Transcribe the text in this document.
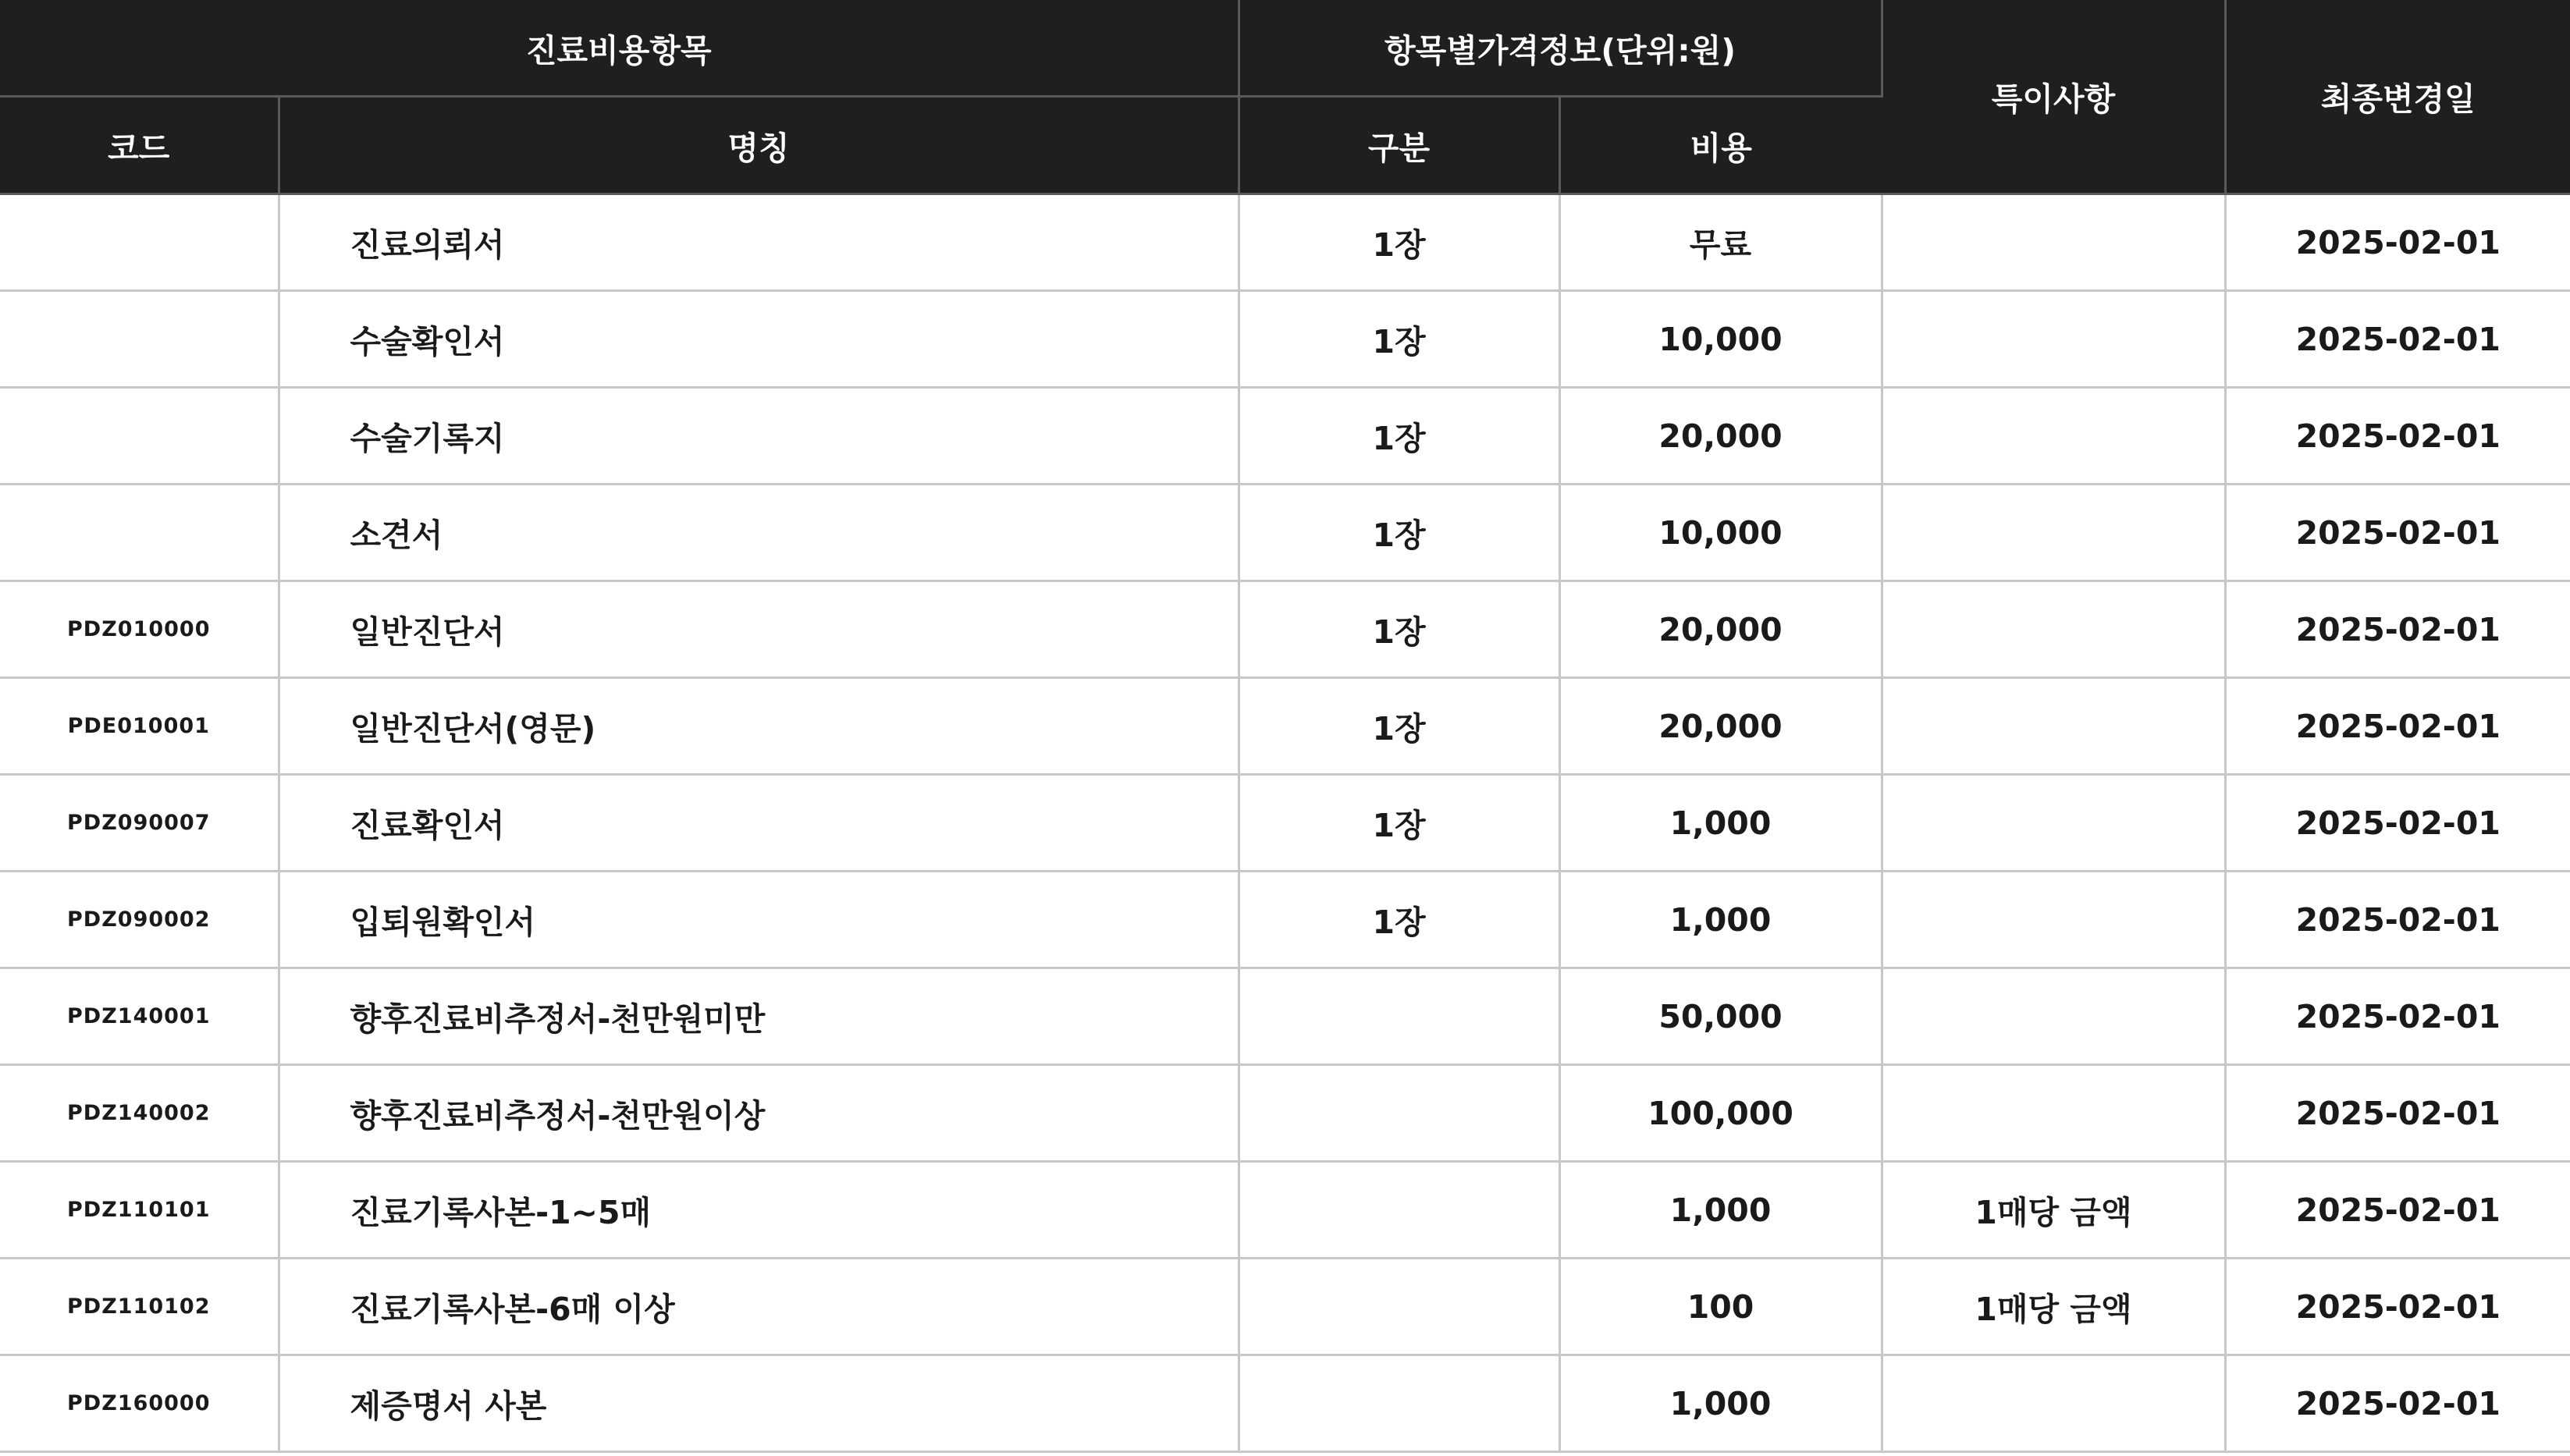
진료비용항목		항목별가격정보(단위:원)		특이사항	최종변경일
코드	명칭	구분	비용		
	진료의뢰서	1장	무료		2025-02-01
	수술확인서	1장	10,000		2025-02-01
	수술기록지	1장	20,000		2025-02-01
	소견서	1장	10,000		2025-02-01
PDZ010000	일반진단서	1장	20,000		2025-02-01
PDE010001	일반진단서(영문)	1장	20,000		2025-02-01
PDZ090007	진료확인서	1장	1,000		2025-02-01
PDZ090002	입퇴원확인서	1장	1,000		2025-02-01
PDZ140001	향후진료비추정서-천만원미만		50,000		2025-02-01
PDZ140002	향후진료비추정서-천만원이상		100,000		2025-02-01
PDZ110101	진료기록사본-1~5매		1,000	1매당 금액	2025-02-01
PDZ110102	진료기록사본-6매 이상		100	1매당 금액	2025-02-01
PDZ160000	제증명서 사본		1,000		2025-02-01
